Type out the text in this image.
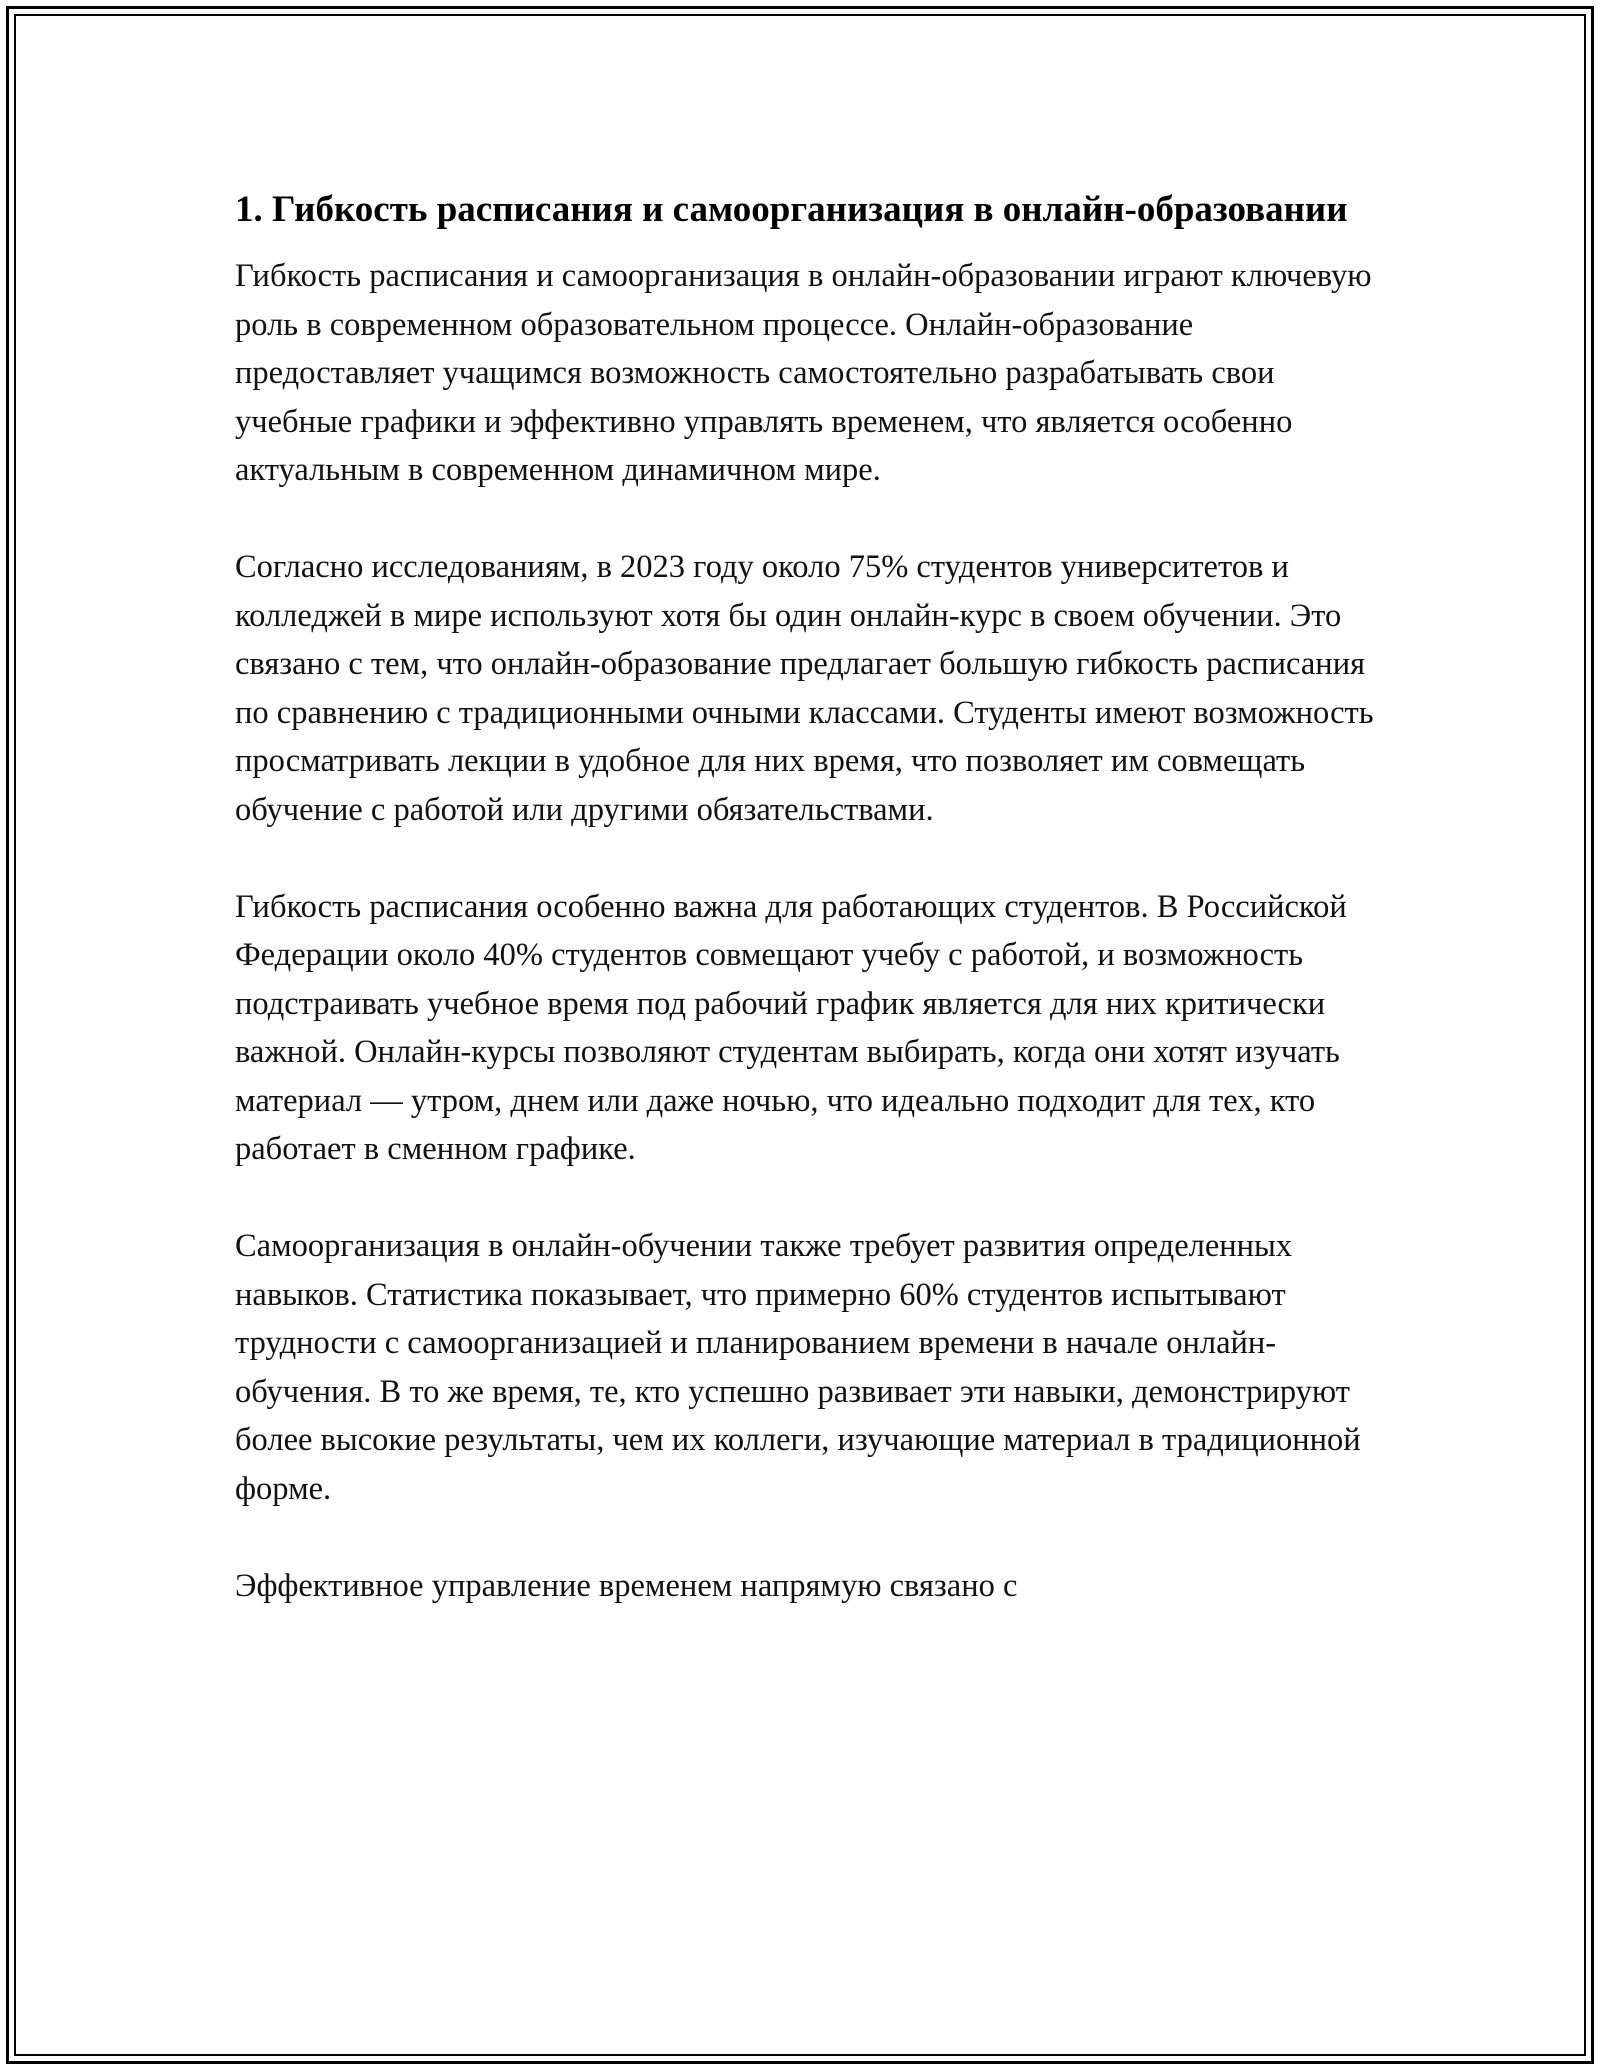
1. Гибкость расписания и самоорганизация в онлайн-образовании

Гибкость расписания и самоорганизация в онлайн-образовании играют ключевую роль в современном образовательном процессе. Онлайн-образование предоставляет учащимся возможность самостоятельно разрабатывать свои учебные графики и эффективно управлять временем, что является особенно актуальным в современном динамичном мире.

Согласно исследованиям, в 2023 году около 75% студентов университетов и колледжей в мире используют хотя бы один онлайн-курс в своем обучении. Это связано с тем, что онлайн-образование предлагает большую гибкость расписания по сравнению с традиционными очными классами. Студенты имеют возможность просматривать лекции в удобное для них время, что позволяет им совмещать обучение с работой или другими обязательствами.

Гибкость расписания особенно важна для работающих студентов. В Российской Федерации около 40% студентов совмещают учебу с работой, и возможность подстраивать учебное время под рабочий график является для них критически важной. Онлайн-курсы позволяют студентам выбирать, когда они хотят изучать материал — утром, днем или даже ночью, что идеально подходит для тех, кто работает в сменном графике.

Самоорганизация в онлайн-обучении также требует развития определенных навыков. Статистика показывает, что примерно 60% студентов испытывают трудности с самоорганизацией и планированием времени в начале онлайн-обучения. В то же время, те, кто успешно развивает эти навыки, демонстрируют более высокие результаты, чем их коллеги, изучающие материал в традиционной форме.

Эффективное управление временем напрямую связано с
